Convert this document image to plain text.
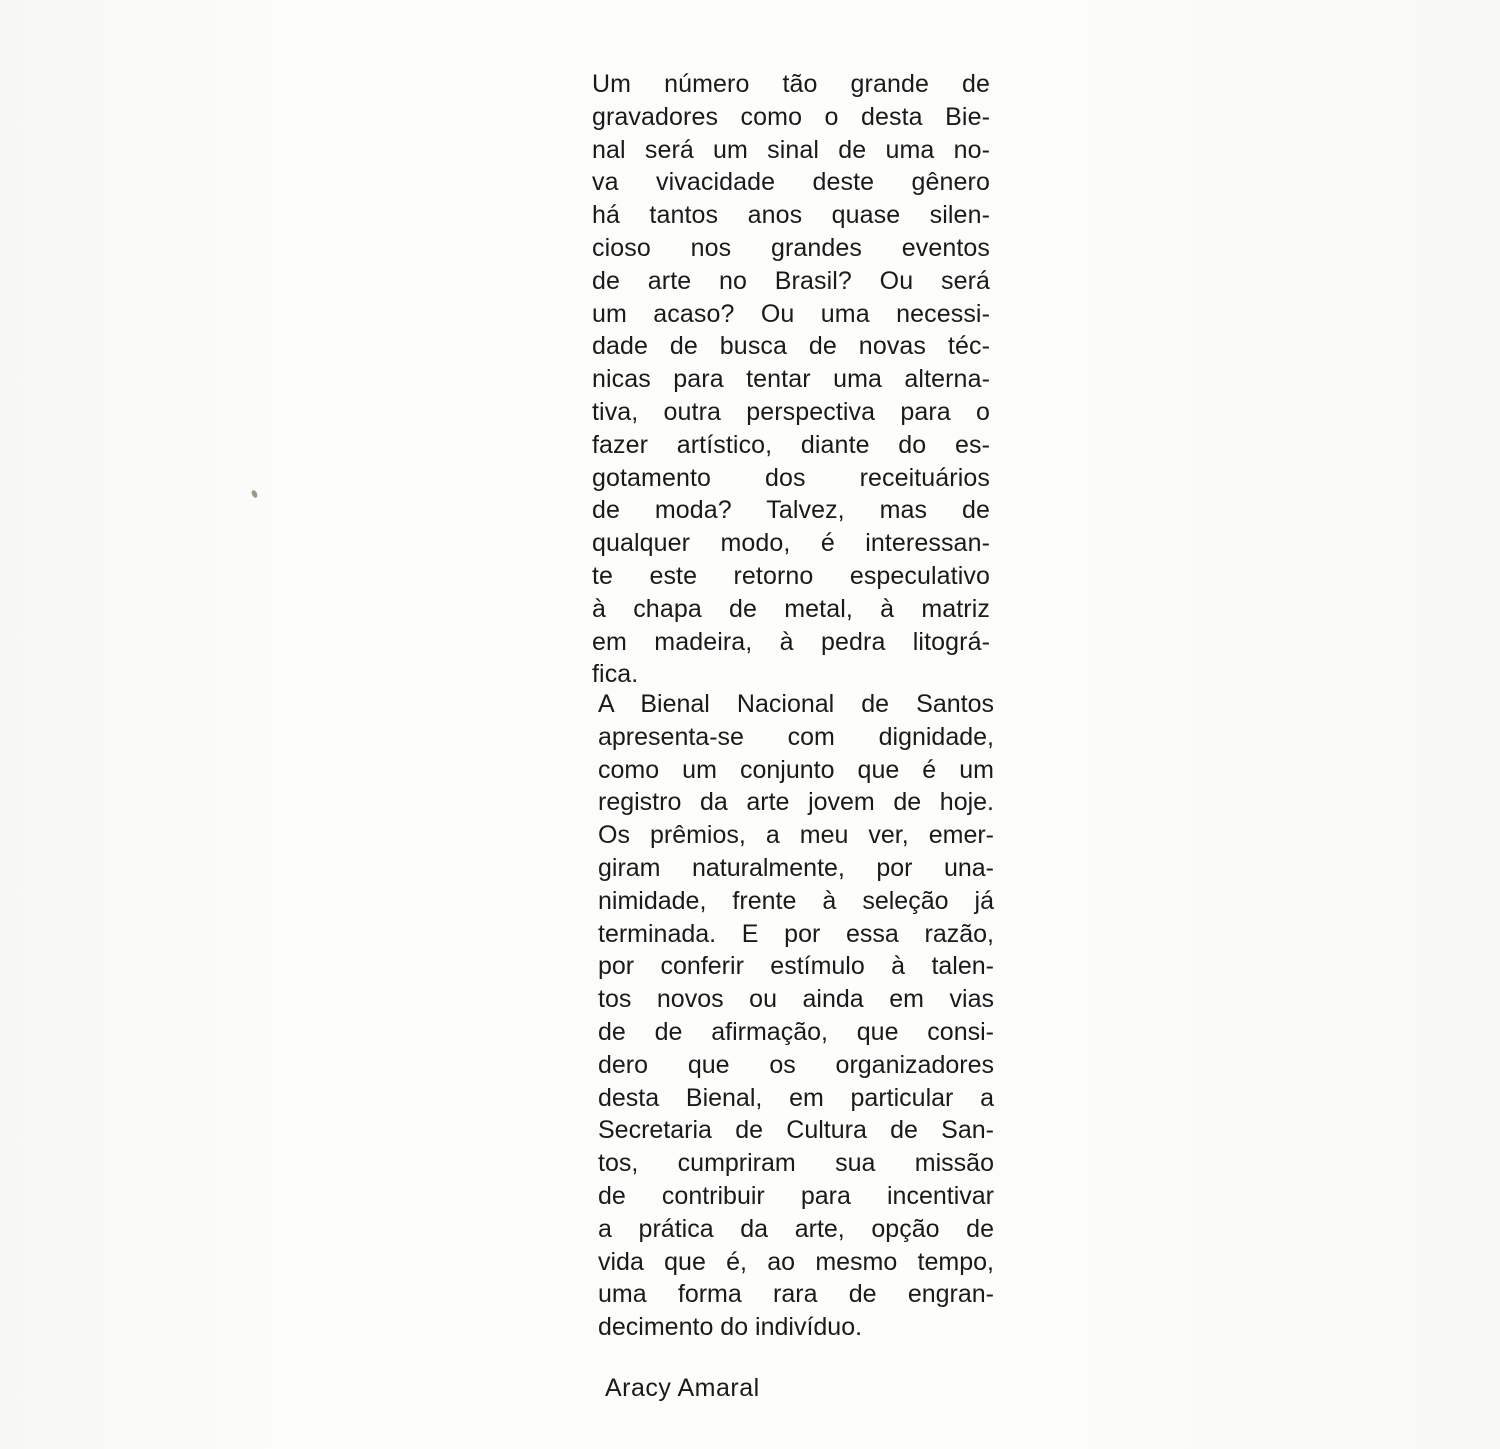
Um número tão grande de
gravadores como o desta Bie-
nal será um sinal de uma no-
va vivacidade deste gênero
há tantos anos quase silen-
cioso nos grandes eventos
de arte no Brasil? Ou será
um acaso? Ou uma necessi-
dade de busca de novas téc-
nicas para tentar uma alterna-
tiva, outra perspectiva para o
fazer artístico, diante do es-
gotamento dos receituários
de moda? Talvez, mas de
qualquer modo, é interessan-
te este retorno especulativo
à chapa de metal, à matriz
em madeira, à pedra litográ-
fica.
A Bienal Nacional de Santos
apresenta-se com dignidade,
como um conjunto que é um
registro da arte jovem de hoje.
Os prêmios, a meu ver, emer-
giram naturalmente, por una-
nimidade, frente à seleção já
terminada. E por essa razão,
por conferir estímulo à talen-
tos novos ou ainda em vias
de de afirmação, que consi-
dero que os organizadores
desta Bienal, em particular a
Secretaria de Cultura de San-
tos, cumpriram sua missão
de contribuir para incentivar
a prática da arte, opção de
vida que é, ao mesmo tempo,
uma forma rara de engran-
decimento do indivíduo.
Aracy Amaral
